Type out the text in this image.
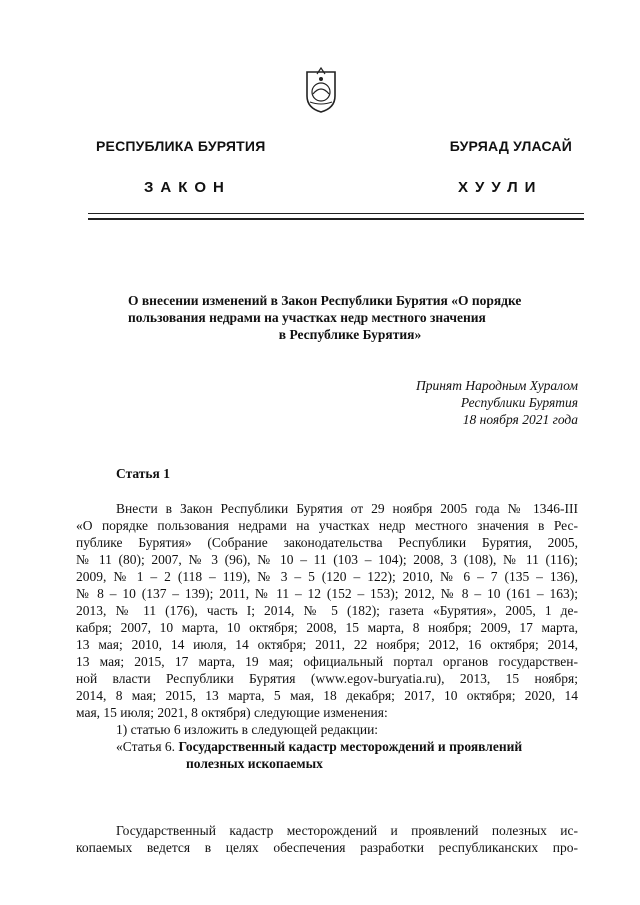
РЕСПУБЛИКА БУРЯТИЯ	БУРЯАД УЛАСАЙ
ЗАКОН	ХУУЛИ
О внесении изменений в Закон Республики Бурятия «О порядке
пользования недрами на участках недр местного значения
в Республике Бурятия»
Принят Народным Хуралом
Республики Бурятия
18 ноября 2021 года
Статья 1

Внести в Закон Республики Бурятия от 29 ноября 2005 года № 1346-III

«О порядке пользования недрами на участках недр местного значения в Рес-

публике Бурятия» (Собрание законодательства Республики Бурятия, 2005,

№ 11 (80); 2007, № 3 (96), № 10 – 11 (103 – 104); 2008, 3 (108), № 11 (116);

2009, № 1 – 2 (118 – 119), № 3 – 5 (120 – 122); 2010, № 6 – 7 (135 – 136),

№ 8 – 10 (137 – 139); 2011, № 11 – 12 (152 – 153); 2012, № 8 – 10 (161 – 163);

2013, № 11 (176), часть I; 2014, № 5 (182); газета «Бурятия», 2005, 1 де-

кабря; 2007, 10 марта, 10 октября; 2008, 15 марта, 8 ноября; 2009, 17 марта,

13 мая; 2010, 14 июля, 14 октября; 2011, 22 ноября; 2012, 16 октября; 2014,

13 мая; 2015, 17 марта, 19 мая; официальный портал органов государствен-

ной власти Республики Бурятия (www.egov-buryatia.ru), 2013, 15 ноября;

2014, 8 мая; 2015, 13 марта, 5 мая, 18 декабря; 2017, 10 октября; 2020, 14

мая, 15 июля; 2021, 8 октября) следующие изменения:

1) статью 6 изложить в следующей редакции:

«Статья 6. Государственный кадастр месторождений и проявлений

полезных ископаемых

Государственный кадастр месторождений и проявлений полезных ис-

копаемых ведется в целях обеспечения разработки республиканских про-
